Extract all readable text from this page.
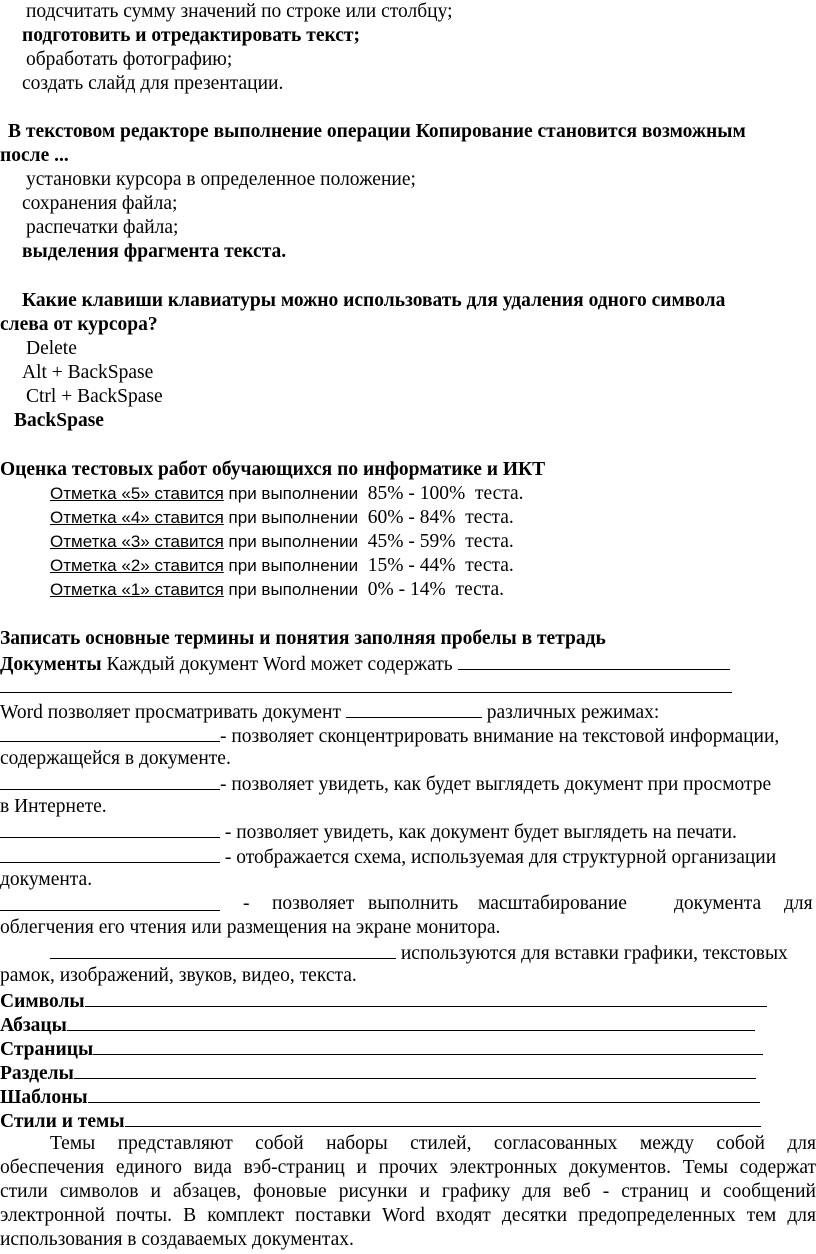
подсчитать сумму значений по строке или столбцу;
подготовить и отредактировать текст;
обработать фотографию;
создать слайд для презентации.
В текстовом редакторе выполнение операции Копирование становится возможным
после ...
установки курсора в определенное положение;
сохранения файла;
распечатки файла;
выделения фрагмента текста.
Какие клавиши клавиатуры можно использовать для удаления одного символа
слева от курсора?
Delete
Alt + BackSpase
Ctrl + BackSpase
BackSpase
Оценка тестовых работ обучающихся по информатике и ИКТ
Отметка «5» ставится при выполнении  85% - 100%  теста.
Отметка «4» ставится при выполнении  60% - 84%  теста.
Отметка «3» ставится при выполнении  45% - 59%  теста.
Отметка «2» ставится при выполнении  15% - 44%  теста.
Отметка «1» ставится при выполнении  0% - 14%  теста.
Записать основные термины и понятия заполняя пробелы в тетрадь
Документы Каждый документ Word может содержать
Word позволяет просматривать документ	различных режимах:
- позволяет сконцентрировать внимание на текстовой информации,
содержащейся в документе.
- позволяет увидеть, как будет выглядеть документ при просмотре
в Интернете.
- позволяет увидеть, как документ будет выглядеть на печати.
- отображается схема, используемая для структурной организации
документа.
- позволяет выполнить масштабирование документа для
облегчения его чтения или размещения на экране монитора.
используются для вставки графики, текстовых
рамок, изображений, звуков, видео, текста.
Символы
Абзацы
Страницы
Разделы
Шаблоны
Стили и темы
Темы представляют собой наборы стилей, согласованных между собой для
обеспечения единого вида вэб-страниц и прочих электронных документов. Темы содержат
стили символов и абзацев, фоновые рисунки и графику для веб - страниц и сообщений
электронной почты. В комплект поставки Word входят десятки предопределенных тем для
использования в создаваемых документах.
